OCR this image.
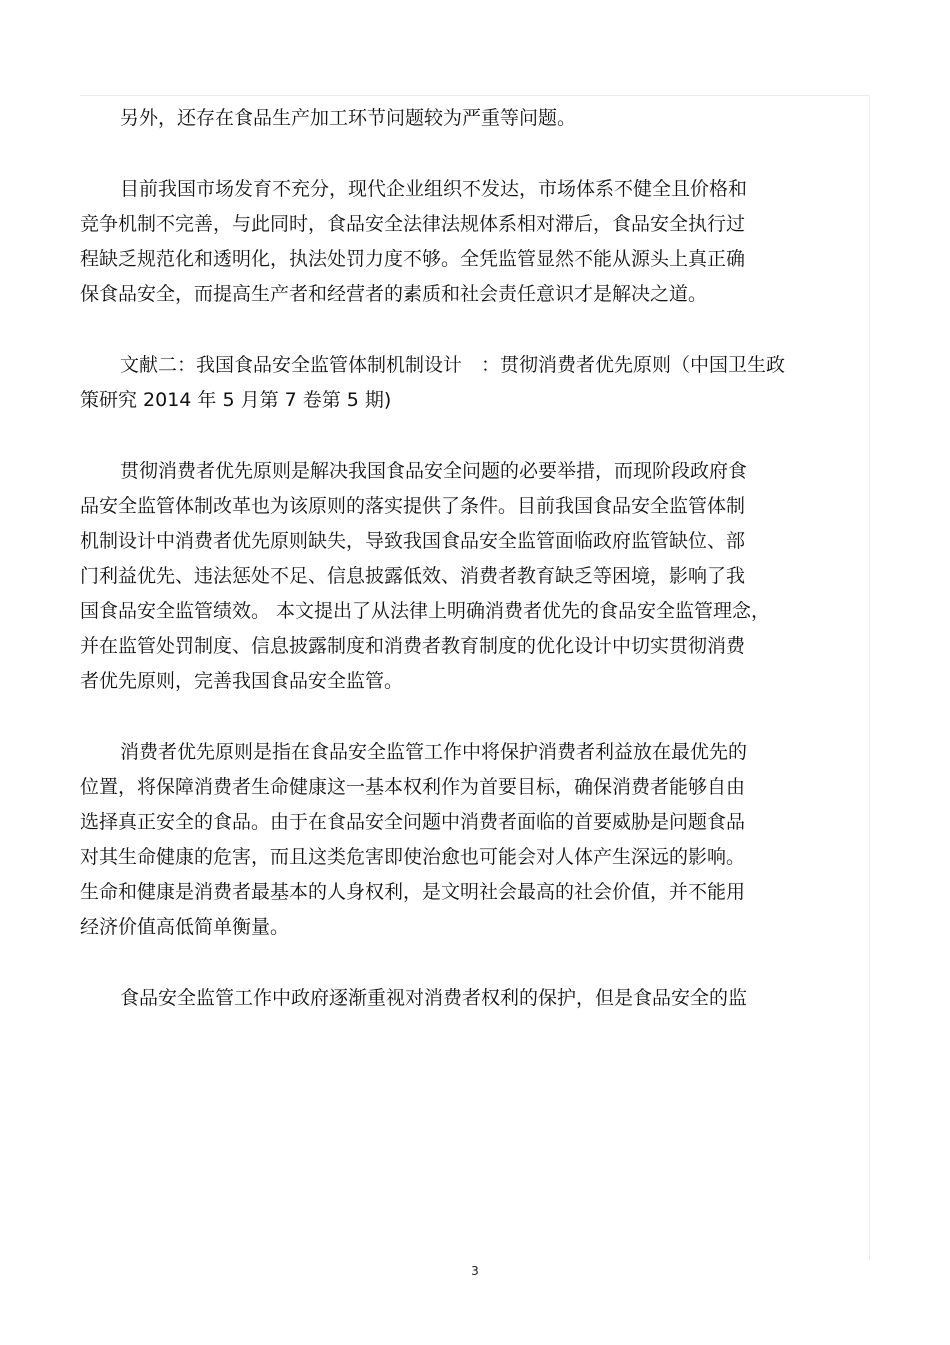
另外，还存在食品生产加工环节问题较为严重等问题。

目前我国市场发育不充分，现代企业组织不发达，市场体系不健全且价格和
竞争机制不完善，与此同时，食品安全法律法规体系相对滞后，食品安全执行过
程缺乏规范化和透明化，执法处罚力度不够。全凭监管显然不能从源头上真正确
保食品安全，而提高生产者和经营者的素质和社会责任意识才是解决之道。

文献二：我国食品安全监管体制机制设计　：贯彻消费者优先原则（中国卫生政
策研究 2014 年 5 月第 7 卷第 5 期)

贯彻消费者优先原则是解决我国食品安全问题的必要举措，而现阶段政府食
品安全监管体制改革也为该原则的落实提供了条件。目前我国食品安全监管体制
机制设计中消费者优先原则缺失，导致我国食品安全监管面临政府监管缺位、部
门利益优先、违法惩处不足、信息披露低效、消费者教育缺乏等困境，影响了我
国食品安全监管绩效。 本文提出了从法律上明确消费者优先的食品安全监管理念，
并在监管处罚制度、信息披露制度和消费者教育制度的优化设计中切实贯彻消费
者优先原则，完善我国食品安全监管。

消费者优先原则是指在食品安全监管工作中将保护消费者利益放在最优先的
位置，将保障消费者生命健康这一基本权利作为首要目标，确保消费者能够自由
选择真正安全的食品。由于在食品安全问题中消费者面临的首要威胁是问题食品
对其生命健康的危害，而且这类危害即使治愈也可能会对人体产生深远的影响。
生命和健康是消费者最基本的人身权利，是文明社会最高的社会价值，并不能用
经济价值高低简单衡量。

食品安全监管工作中政府逐渐重视对消费者权利的保护，但是食品安全的监

3
